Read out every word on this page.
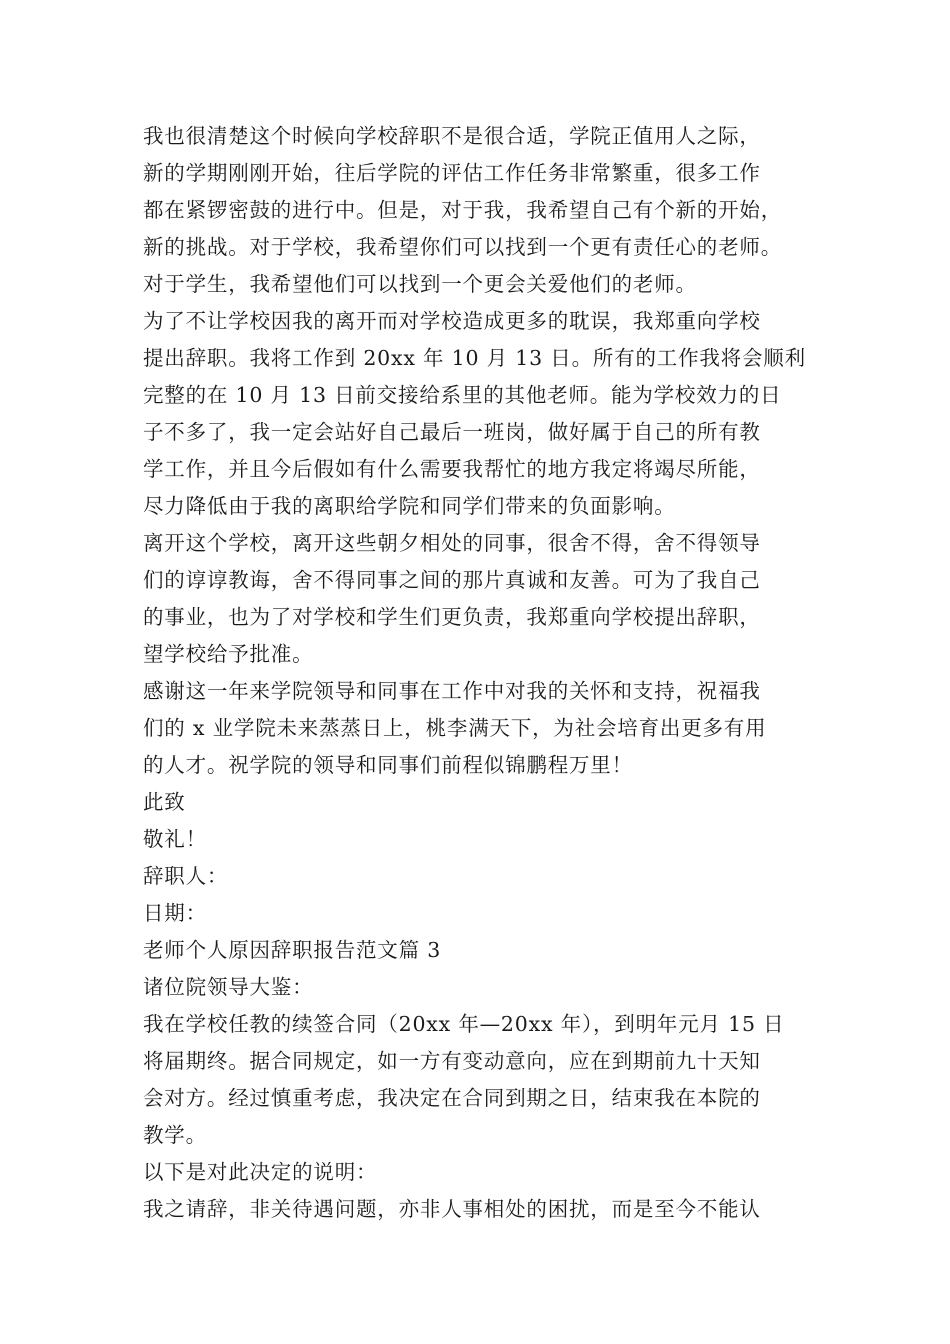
我也很清楚这个时候向学校辞职不是很合适，学院正值用人之际，
新的学期刚刚开始，往后学院的评估工作任务非常繁重，很多工作
都在紧锣密鼓的进行中。但是，对于我，我希望自己有个新的开始，
新的挑战。对于学校，我希望你们可以找到一个更有责任心的老师。
对于学生，我希望他们可以找到一个更会关爱他们的老师。
为了不让学校因我的离开而对学校造成更多的耽误，我郑重向学校
提出辞职。我将工作到 20xx 年 10 月 13 日。所有的工作我将会顺利
完整的在 10 月 13 日前交接给系里的其他老师。能为学校效力的日
子不多了，我一定会站好自己最后一班岗，做好属于自己的所有教
学工作，并且今后假如有什么需要我帮忙的地方我定将竭尽所能，
尽力降低由于我的离职给学院和同学们带来的负面影响。
离开这个学校，离开这些朝夕相处的同事，很舍不得，舍不得领导
们的谆谆教诲，舍不得同事之间的那片真诚和友善。可为了我自己
的事业，也为了对学校和学生们更负责，我郑重向学校提出辞职，
望学校给予批准。
感谢这一年来学院领导和同事在工作中对我的关怀和支持，祝福我
们的 x 业学院未来蒸蒸日上，桃李满天下，为社会培育出更多有用
的人才。祝学院的领导和同事们前程似锦鹏程万里！
此致
敬礼！
辞职人：
日期：
老师个人原因辞职报告范文篇 3
诸位院领导大鉴：
我在学校任教的续签合同（20xx 年—20xx 年），到明年元月 15 日
将届期终。据合同规定，如一方有变动意向，应在到期前九十天知
会对方。经过慎重考虑，我决定在合同到期之日，结束我在本院的
教学。
以下是对此决定的说明：
我之请辞，非关待遇问题，亦非人事相处的困扰，而是至今不能认
